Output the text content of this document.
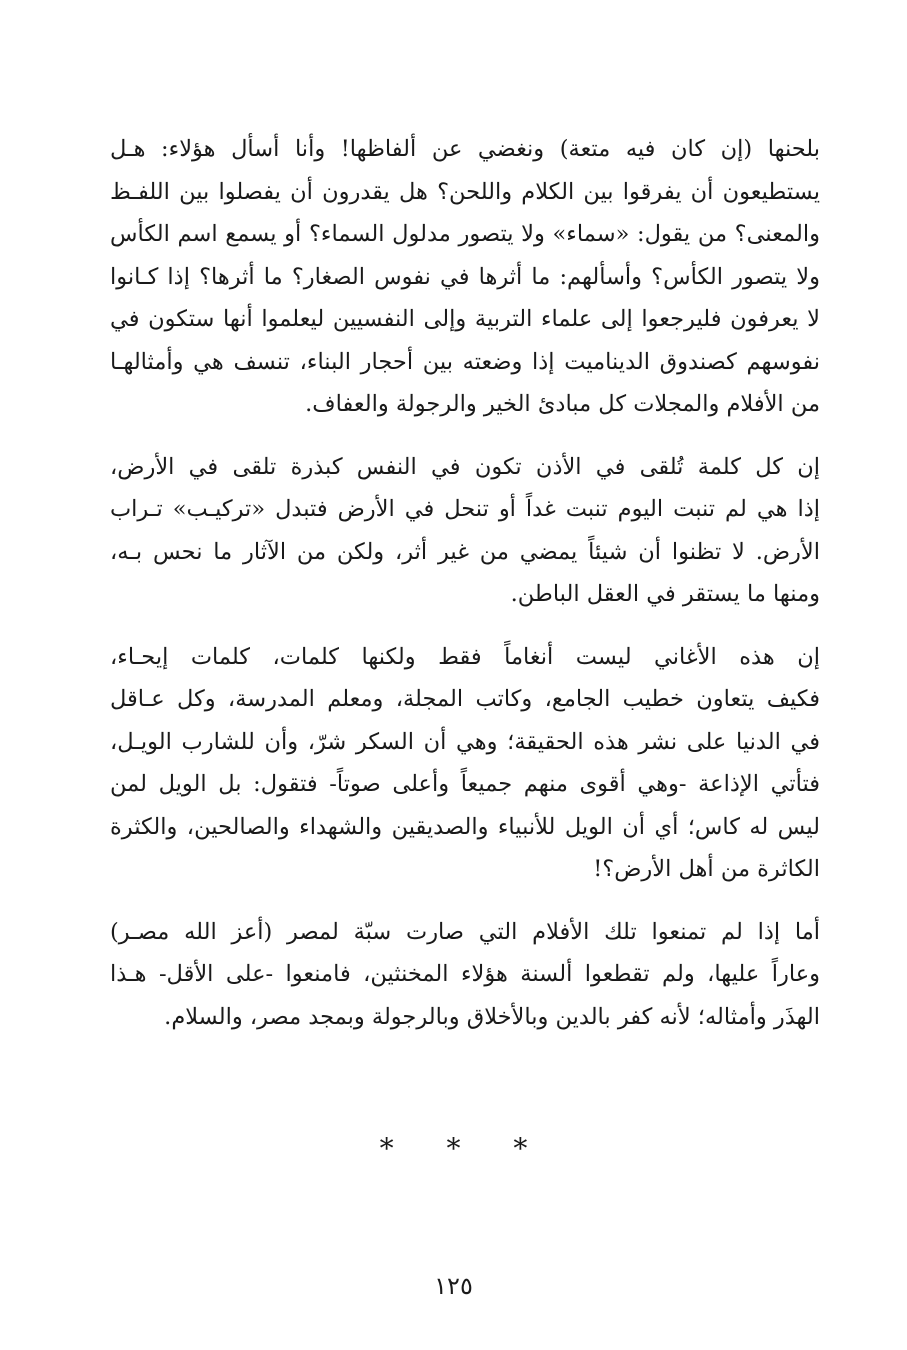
بلحنها (إن كان فيه متعة) ونغضي عن ألفاظها! وأنا أسأل هؤلاء: هـل
يستطيعون أن يفرقوا بين الكلام واللحن؟ هل يقدرون أن يفصلوا بين اللفـظ
والمعنى؟ من يقول: «سماء» ولا يتصور مدلول السماء؟ أو يسمع اسم الكأس
ولا يتصور الكأس؟ وأسألهم: ما أثرها في نفوس الصغار؟ ما أثرها؟ إذا كـانوا
لا يعرفون فليرجعوا إلى علماء التربية وإلى النفسيين ليعلموا أنها ستكون في
نفوسهم كصندوق الديناميت إذا وضعته بين أحجار البناء، تنسف هي وأمثالهـا
من الأفلام والمجلات كل مبادئ الخير والرجولة والعفاف.

إن كل كلمة تُلقى في الأذن تكون في النفس كبذرة تلقى في الأرض،
إذا هي لم تنبت اليوم تنبت غداً أو تنحل في الأرض فتبدل «تركيـب» تـراب
الأرض. لا تظنوا أن شيئاً يمضي من غير أثر، ولكن من الآثار ما نحس بـه،
ومنها ما يستقر في العقل الباطن.

إن هذه الأغاني ليست أنغاماً فقط ولكنها كلمات، كلمات إيحـاء،
فكيف يتعاون خطيب الجامع، وكاتب المجلة، ومعلم المدرسة، وكل عـاقل
في الدنيا على نشر هذه الحقيقة؛ وهي أن السكر شرّ، وأن للشارب الويـل،
فتأتي الإذاعة -وهي أقوى منهم جميعاً وأعلى صوتاً- فتقول: بل الويل لمن
ليس له كاس؛ أي أن الويل للأنبياء والصديقين والشهداء والصالحين، والكثرة
الكاثرة من أهل الأرض؟!

أما إذا لم تمنعوا تلك الأفلام التي صارت سبّة لمصر (أعز الله مصـر)
وعاراً عليها، ولم تقطعوا ألسنة هؤلاء المخنثين، فامنعوا -على الأقل- هـذا
الهذَر وأمثاله؛ لأنه كفر بالدين وبالأخلاق وبالرجولة وبمجد مصر، والسلام.

* * *
١٢٥
